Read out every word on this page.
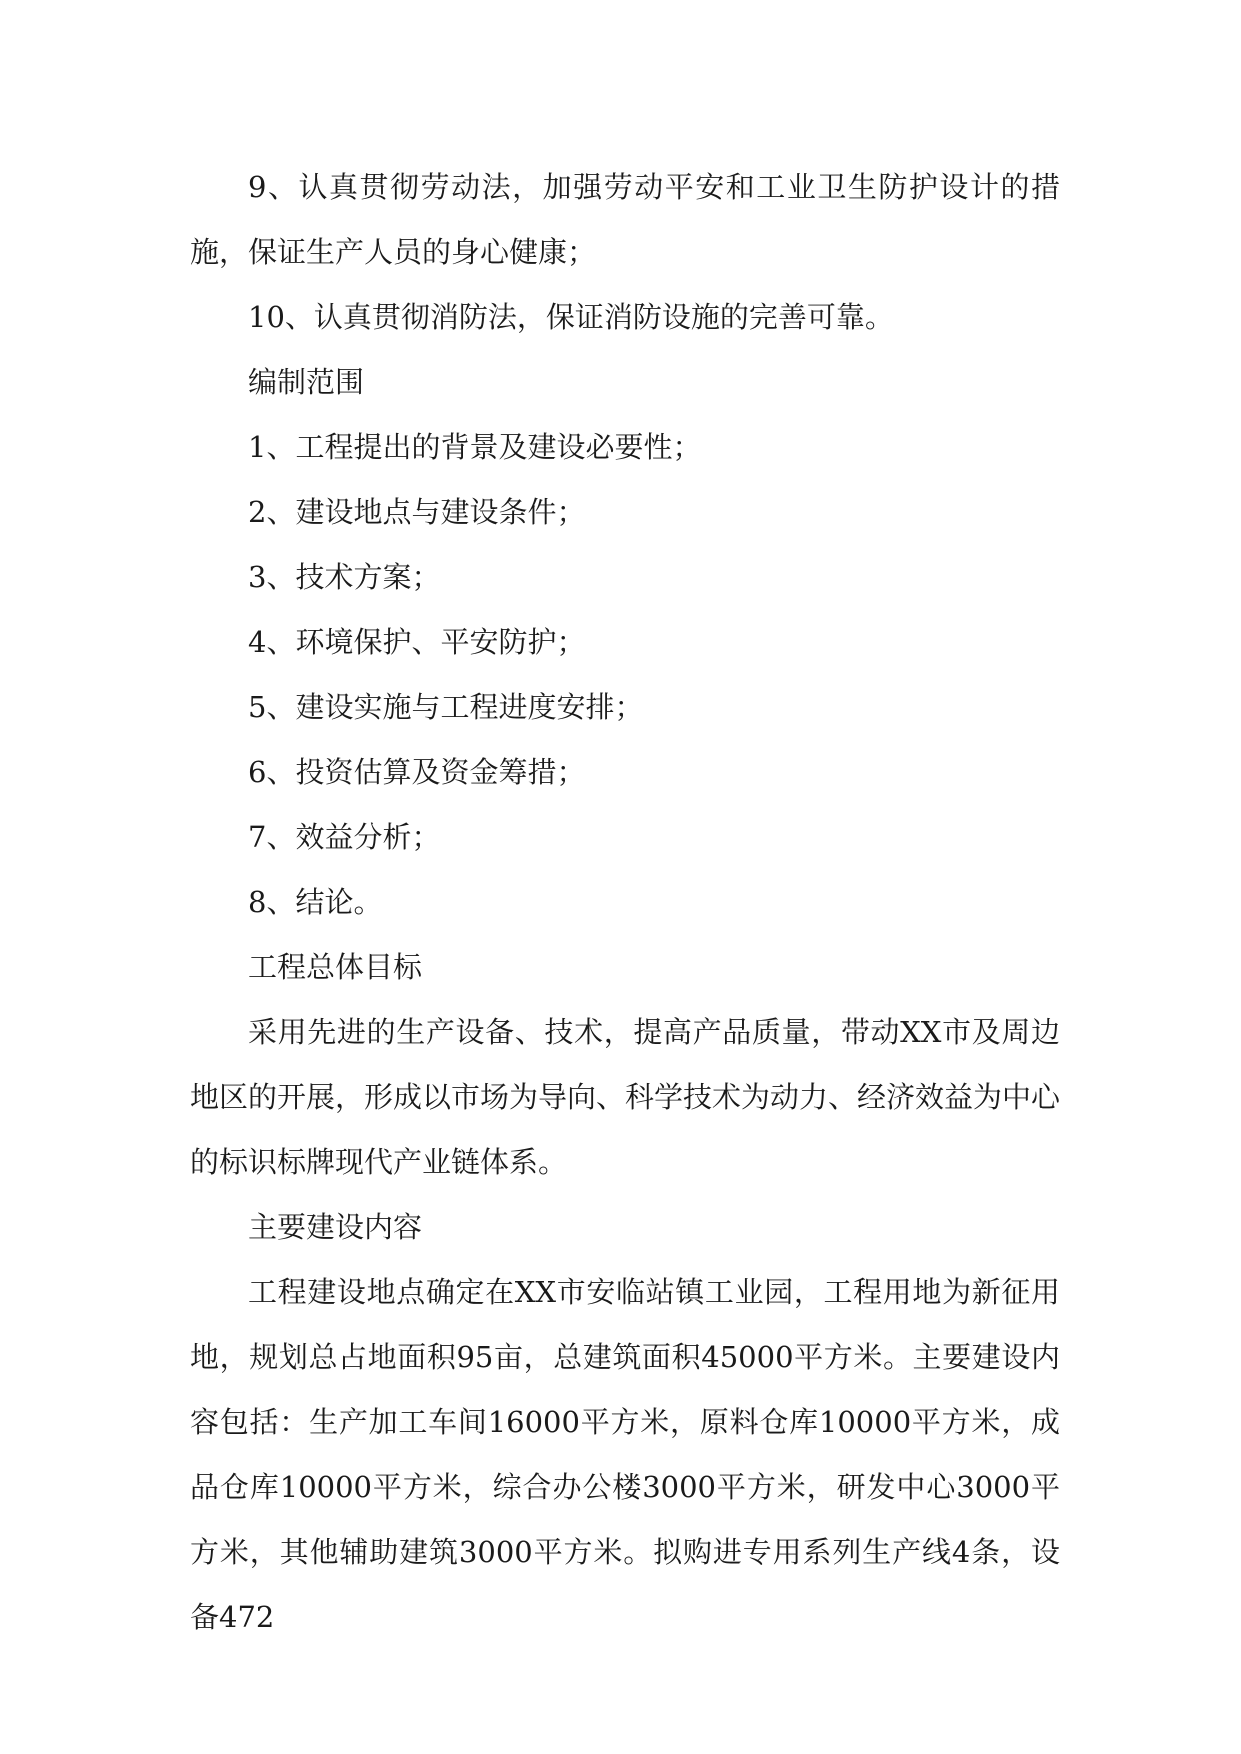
9、认真贯彻劳动法，加强劳动平安和工业卫生防护设计的措施，保证生产人员的身心健康；

10、认真贯彻消防法，保证消防设施的完善可靠。

编制范围

1、工程提出的背景及建设必要性；

2、建设地点与建设条件；

3、技术方案；

4、环境保护、平安防护；

5、建设实施与工程进度安排；

6、投资估算及资金筹措；

7、效益分析；

8、结论。

工程总体目标

采用先进的生产设备、技术，提高产品质量，带动XX市及周边地区的开展，形成以市场为导向、科学技术为动力、经济效益为中心的标识标牌现代产业链体系。

主要建设内容

工程建设地点确定在XX市安临站镇工业园，工程用地为新征用地，规划总占地面积95亩，总建筑面积45000平方米。主要建设内容包括：生产加工车间16000平方米，原料仓库10000平方米，成品仓库10000平方米，综合办公楼3000平方米，研发中心3000平方米，其他辅助建筑3000平方米。拟购进专用系列生产线4条，设备472
